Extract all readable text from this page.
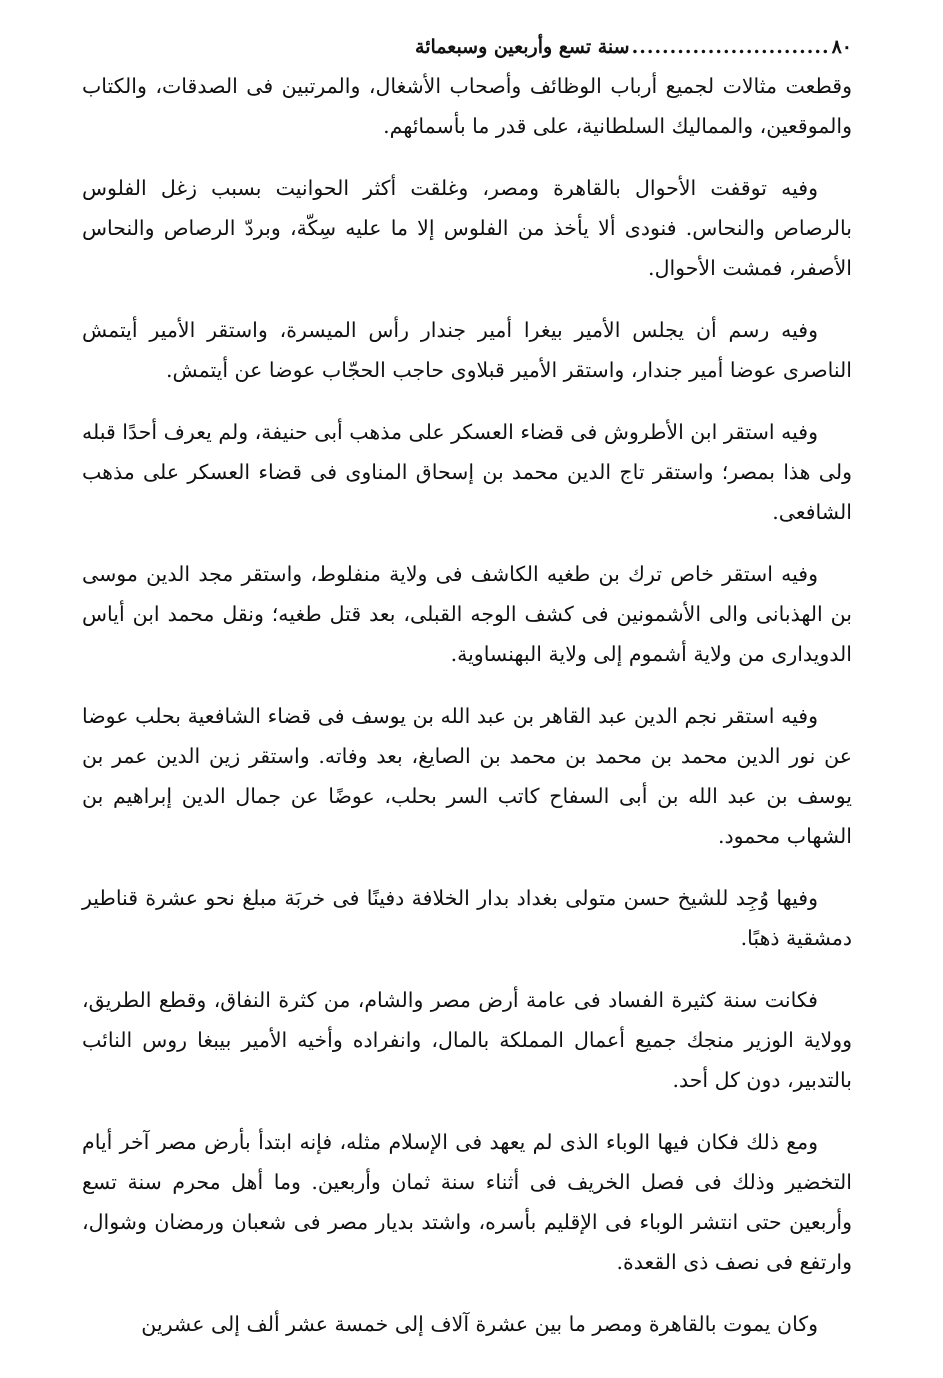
٨٠
..........................
سنة تسع وأربعين وسبعمائة

وقطعت مثالات لجميع أرباب الوظائف وأصحاب الأشغال، والمرتبين فى الصدقات، والكتاب والموقعين، والمماليك السلطانية، على قدر ما بأسمائهم.

وفيه توقفت الأحوال بالقاهرة ومصر، وغلقت أكثر الحوانيت بسبب زغل الفلوس بالرصاص والنحاس. فنودى ألا يأخذ من الفلوس إلا ما عليه سِكّة، وبردّ الرصاص والنحاس الأصفر، فمشت الأحوال.

وفيه رسم أن يجلس الأمير بيغرا أمير جندار رأس الميسرة، واستقر الأمير أيتمش الناصرى عوضا أمير جندار، واستقر الأمير قبلاوى حاجب الحجّاب عوضا عن أيتمش.

وفيه استقر ابن الأطروش فى قضاء العسكر على مذهب أبى حنيفة، ولم يعرف أحدًا قبله ولى هذا بمصر؛ واستقر تاج الدين محمد بن إسحاق المناوى فى قضاء العسكر على مذهب الشافعى.

وفيه استقر خاص ترك بن طغيه الكاشف فى ولاية منفلوط، واستقر مجد الدين موسى بن الهذبانى والى الأشمونين فى كشف الوجه القبلى، بعد قتل طغيه؛ ونقل محمد ابن أياس الدويدارى من ولاية أشموم إلى ولاية البهنساوية.

وفيه استقر نجم الدين عبد القاهر بن عبد الله بن يوسف فى قضاء الشافعية بحلب عوضا عن نور الدين محمد بن محمد بن محمد بن الصايغ، بعد وفاته. واستقر زين الدين عمر بن يوسف بن عبد الله بن أبى السفاح كاتب السر بحلب، عوضًا عن جمال الدين إبراهيم بن الشهاب محمود.

وفيها وُجِد للشيخ حسن متولى بغداد بدار الخلافة دفينًا فى خربَة مبلغ نحو عشرة قناطير دمشقية ذهبًا.

فكانت سنة كثيرة الفساد فى عامة أرض مصر والشام، من كثرة النفاق، وقطع الطريق، وولاية الوزير منجك جميع أعمال المملكة بالمال، وانفراده وأخيه الأمير بيبغا روس النائب بالتدبير، دون كل أحد.

ومع ذلك فكان فيها الوباء الذى لم يعهد فى الإسلام مثله، فإنه ابتدأ بأرض مصر آخر أيام التخضير وذلك فى فصل الخريف فى أثناء سنة ثمان وأربعين. وما أهل محرم سنة تسع وأربعين حتى انتشر الوباء فى الإقليم بأسره، واشتد بديار مصر فى شعبان ورمضان وشوال، وارتفع فى نصف ذى القعدة.

وكان يموت بالقاهرة ومصر ما بين عشرة آلاف إلى خمسة عشر ألف إلى عشرين
